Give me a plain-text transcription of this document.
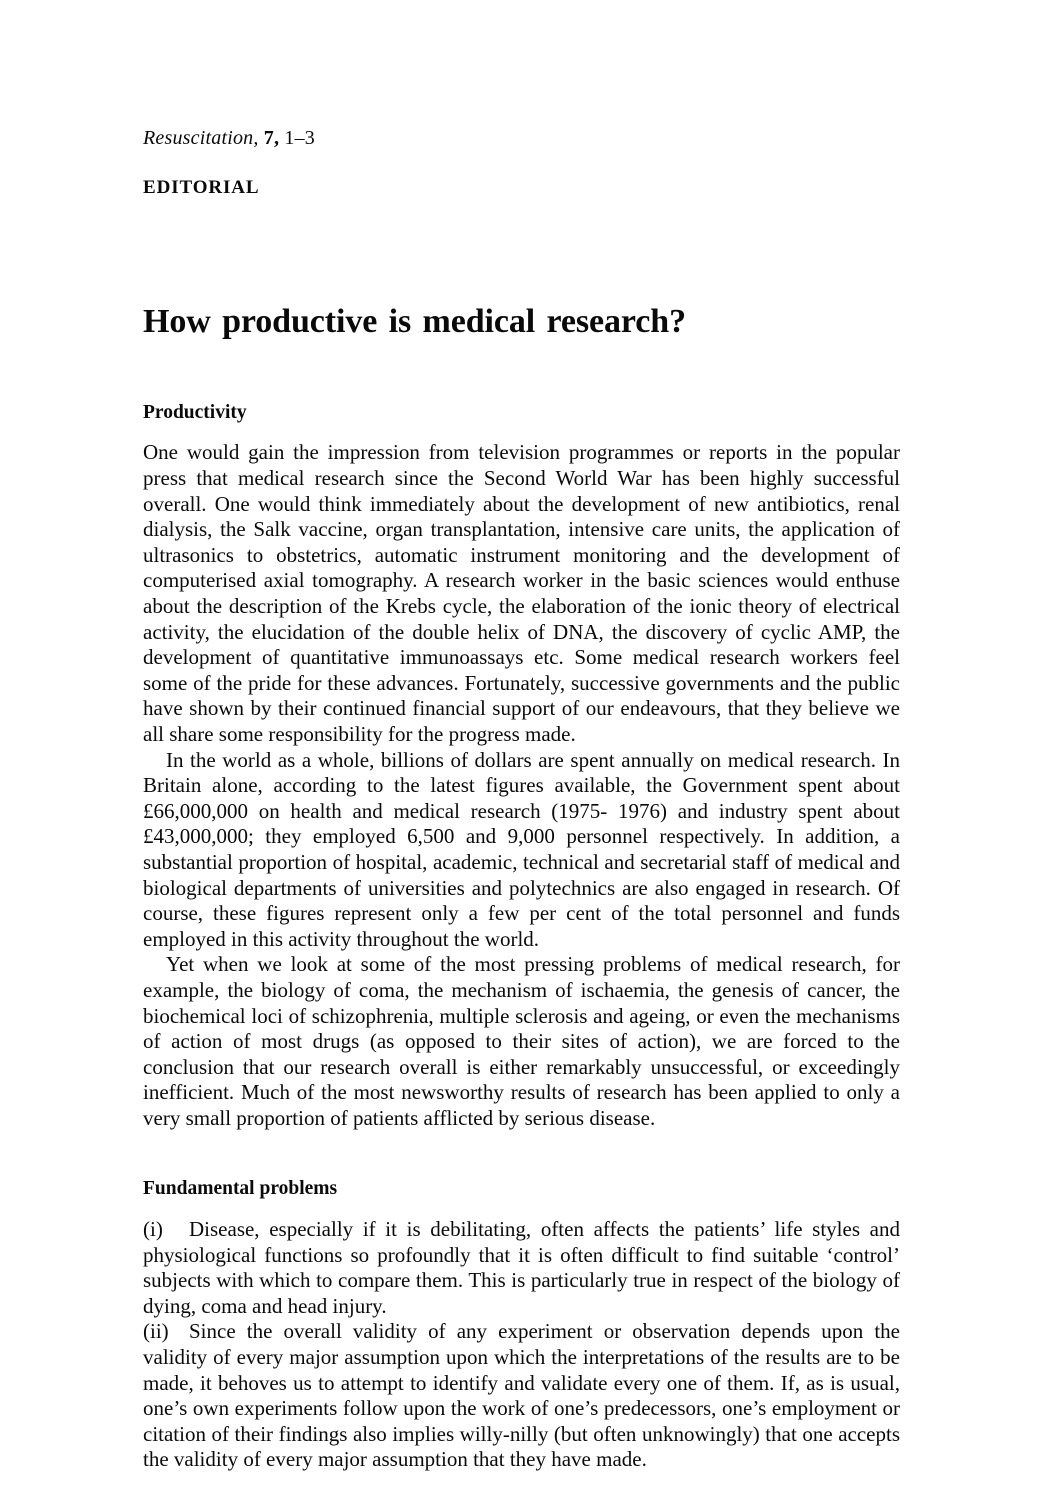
Resuscitation, 7, 1–3
EDITORIAL
How productive is medical research?
Productivity

One would gain the impression from television programmes or reports in the popular press that medical research since the Second World War has been highly successful overall. One would think immediately about the development of new antibiotics, renal dialysis, the Salk vaccine, organ transplantation, intensive care units, the application of ultrasonics to obstetrics, automatic instrument monitoring and the development of computerised axial tomography. A research worker in the basic sciences would enthuse about the description of the Krebs cycle, the elaboration of the ionic theory of electrical activity, the elucidation of the double helix of DNA, the discovery of cyclic AMP, the development of quantitative immunoassays etc. Some medical research workers feel some of the pride for these advances. Fortunately, successive governments and the public have shown by their continued financial support of our endeavours, that they believe we all share some responsibility for the progress made.

In the world as a whole, billions of dollars are spent annually on medical research. In Britain alone, according to the latest figures available, the Government spent about £66,000,000 on health and medical research (1975- 1976) and industry spent about £43,000,000; they employed 6,500 and 9,000 personnel respectively. In addition, a substantial proportion of hospital, academic, technical and secretarial staff of medical and biological departments of universities and polytechnics are also engaged in research. Of course, these figures represent only a few per cent of the total personnel and funds employed in this activity throughout the world.

Yet when we look at some of the most pressing problems of medical research, for example, the biology of coma, the mechanism of ischaemia, the genesis of cancer, the biochemical loci of schizophrenia, multiple sclerosis and ageing, or even the mechanisms of action of most drugs (as opposed to their sites of action), we are forced to the conclusion that our research overall is either remarkably unsuccessful, or exceedingly inefficient. Much of the most newsworthy results of research has been applied to only a very small proportion of patients afflicted by serious disease.

Fundamental problems

(i) Disease, especially if it is debilitating, often affects the patients’ life styles and physiological functions so profoundly that it is often difficult to find suitable ‘control’ subjects with which to compare them. This is particularly true in respect of the biology of dying, coma and head injury.

(ii) Since the overall validity of any experiment or observation depends upon the validity of every major assumption upon which the interpretations of the results are to be made, it behoves us to attempt to identify and validate every one of them. If, as is usual, one’s own experiments follow upon the work of one’s predecessors, one’s employment or citation of their findings also implies willy-nilly (but often unknowingly) that one accepts the validity of every major assumption that they have made.
